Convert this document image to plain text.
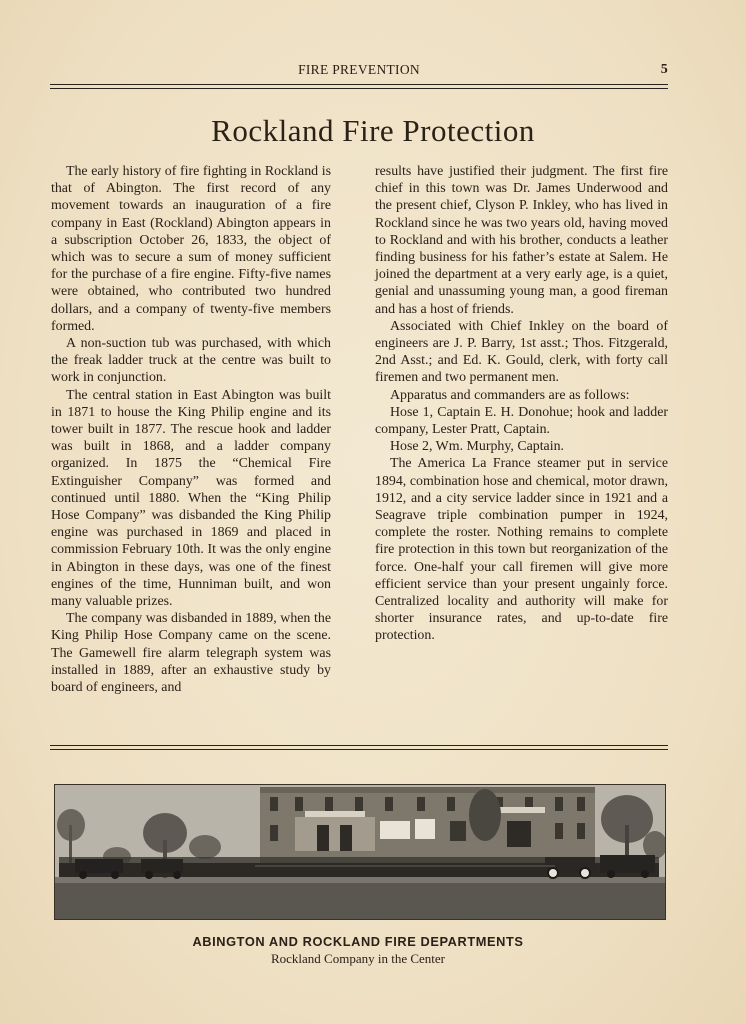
FIRE PREVENTION	5
Rockland Fire Protection

The early history of fire fighting in Rockland is that of Abington. The first record of any movement towards an inauguration of a fire company in East (Rockland) Abington appears in a subscription October 26, 1833, the object of which was to secure a sum of money sufficient for the purchase of a fire engine. Fifty-five names were obtained, who contributed two hundred dollars, and a company of twenty-five members formed.

A non-suction tub was purchased, with which the freak ladder truck at the centre was built to work in conjunction.

The central station in East Abington was built in 1871 to house the King Philip engine and its tower built in 1877. The rescue hook and ladder was built in 1868, and a ladder company organized. In 1875 the “Chemical Fire Extinguisher Company” was formed and continued until 1880. When the “King Philip Hose Company” was disbanded the King Philip engine was purchased in 1869 and placed in commission February 10th. It was the only engine in Abington in these days, was one of the finest engines of the time, Hunniman built, and won many valuable prizes.

The company was disbanded in 1889, when the King Philip Hose Company came on the scene. The Gamewell fire alarm telegraph system was installed in 1889, after an exhaustive study by board of engineers, and

results have justified their judgment. The first fire chief in this town was Dr. James Underwood and the present chief, Clyson P. Inkley, who has lived in Rockland since he was two years old, having moved to Rockland and with his brother, conducts a leather finding business for his father’s estate at Salem. He joined the department at a very early age, is a quiet, genial and unassuming young man, a good fireman and has a host of friends.

Associated with Chief Inkley on the board of engineers are J. P. Barry, 1st asst.; Thos. Fitzgerald, 2nd Asst.; and Ed. K. Gould, clerk, with forty call firemen and two permanent men.

Apparatus and commanders are as follows:

Hose 1, Captain E. H. Donohue; hook and ladder company, Lester Pratt, Captain.

Hose 2, Wm. Murphy, Captain.

The America La France steamer put in service 1894, combination hose and chemical, motor drawn, 1912, and a city service ladder since in 1921 and a Seagrave triple combination pumper in 1924, complete the roster. Nothing remains to complete fire protection in this town but reorganization of the force. One-half your call firemen will give more efficient service than your present ungainly force. Centralized locality and authority will make for shorter insurance rates, and up-to-date fire protection.

ABINGTON AND ROCKLAND FIRE DEPARTMENTS
Rockland Company in the Center
